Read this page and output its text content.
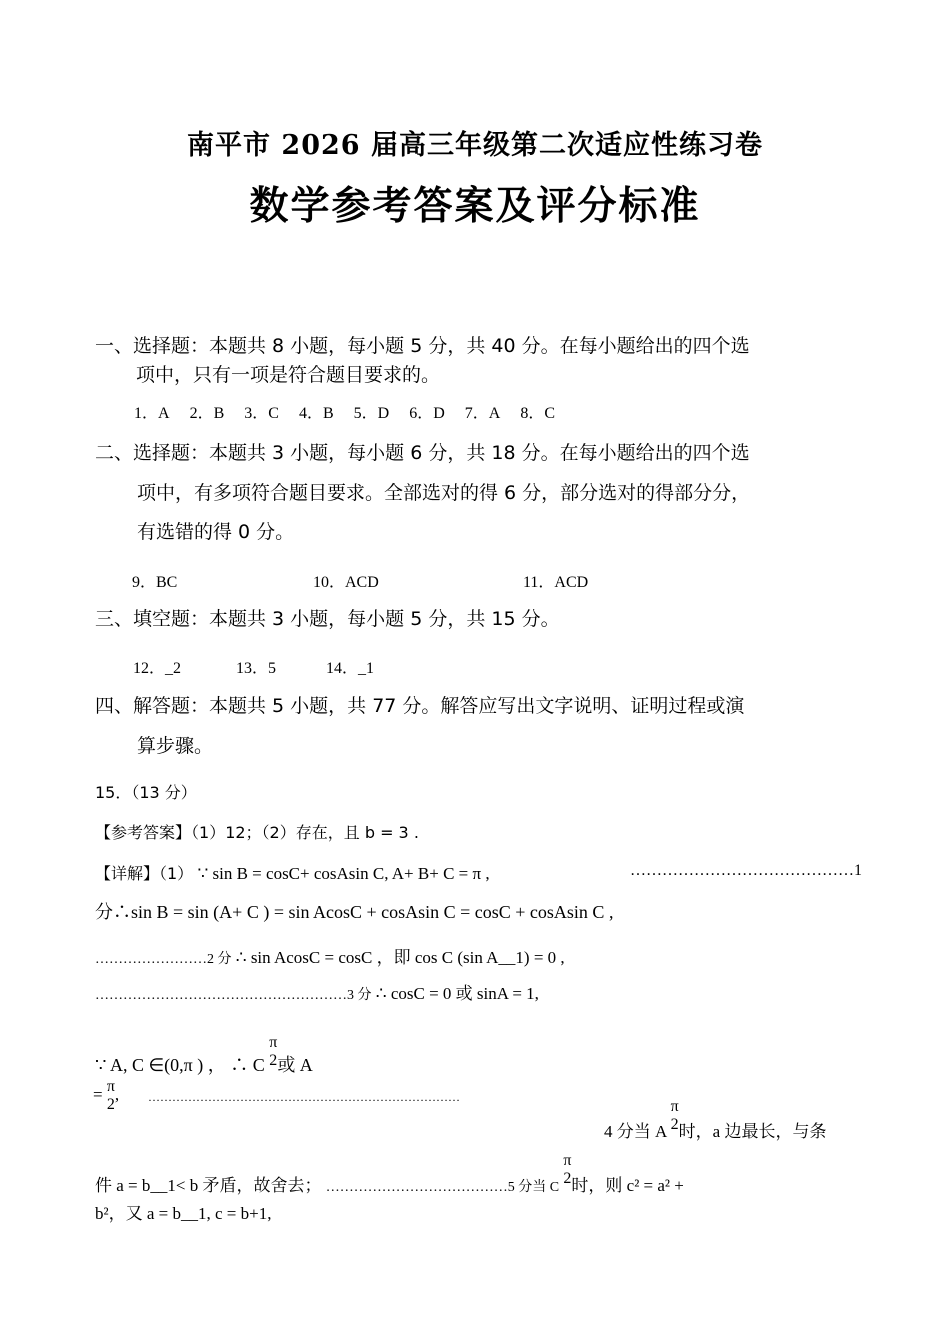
南平市 2026 届高三年级第二次适应性练习卷
数学参考答案及评分标准
一、选择题：本题共 8 小题，每小题 5 分，共 40 分。在每小题给出的四个选
项中，只有一项是符合题目要求的。
1．A 2．B 3．C 4．B 5．D 6．D 7．A 8．C
二、选择题：本题共 3 小题，每小题 6 分，共 18 分。在每小题给出的四个选
项中，有多项符合题目要求。全部选对的得 6 分，部分选对的得部分分，
有选错的得 0 分。
9．BC	10．ACD	11．ACD
三、填空题：本题共 3 小题，每小题 5 分，共 15 分。
12．_2	13．5	14．_1
四、解答题：本题共 5 小题，共 77 分。解答应写出文字说明、证明过程或演
算步骤。
15．（13 分）
【参考答案】（1）12；（2）存在，且 b = 3 .
【详解】（1） ∵ sin B = cosC+ cosAsin C, A+ B+ C = π ,	……………………………………1
分∴sin B = sin (A+ C ) = sin AcosC + cosAsin C = cosC + cosAsin C ,
……………………2 分 ∴ sin AcosC = cosC ，即 cos C (sin A__1) = 0 ,
………………………………………………3 分 ∴ cosC = 0 或 sinA = 1,
∵ A, C ∈(0,π ) ， ∴ C
π
2 或 A
= π
2
, ……………………………………………………………………
4 分当 A
π
2 时，a 边最长，与条
件 a = b__1< b 矛盾，故舍去； …………………………………5 分当 C
π
2 时，则 c² = a² +
b²，又 a = b__1, c = b+1,
